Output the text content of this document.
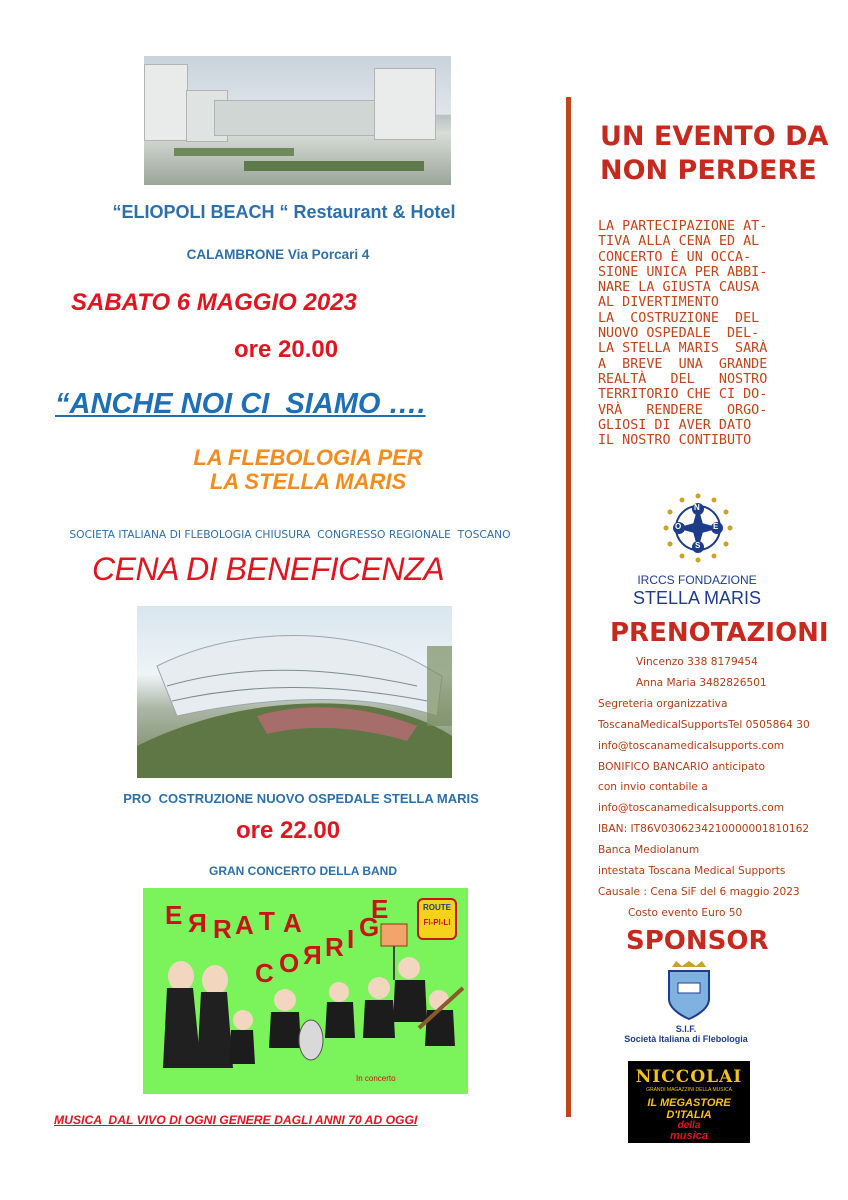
“ELIOPOLI BEACH “ Restaurant & Hotel
CALAMBRONE Via Porcari 4
SABATO 6 MAGGIO 2023
ore 20.00
“ANCHE NOI CI  SIAMO ….
LA FLEBOLOGIA PER
LA STELLA MARIS
SOCIETA ITALIANA DI FLEBOLOGIA CHIUSURA  CONGRESSO REGIONALE  TOSCANO
CENA DI BENEFICENZA
PRO  COSTRUZIONE NUOVO OSPEDALE STELLA MARIS
ore 22.00
GRAN CONCERTO DELLA BAND
E R R A T A
C O R R I G
E	ROUTE
FI-PI-LI
In concerto
MUSICA  DAL VIVO DI OGNI GENERE DAGLI ANNI 70 AD OGGI
UN EVENTO DA
NON PERDERE
LA PARTECIPAZIONE AT-
TIVA ALLA CENA ED AL
CONCERTO È UN OCCA-
SIONE UNICA PER ABBI-
NARE LA GIUSTA CAUSA
AL DIVERTIMENTO
LA  COSTRUZIONE  DEL
NUOVO OSPEDALE  DEL-
LA STELLA MARIS  SARÀ
A  BREVE  UNA  GRANDE
REALTÀ   DEL   NOSTRO
TERRITORIO CHE CI DO-
VRÀ   RENDERE   ORGO-
GLIOSI DI AVER DATO
IL NOSTRO CONTIBUTO
N
E
S
O
IRCCS FONDAZIONE
STELLA MARIS
PRENOTAZIONI
Vincenzo 338 8179454
Anna Maria 3482826501
Segreteria organizzativa
ToscanaMedicalSupportsTel 0505864 30
info@toscanamedicalsupports.com
BONIFICO BANCARIO anticipato
con invio contabile a
info@toscanamedicalsupports.com
IBAN: IT86V0306234210000001810162
Banca Mediolanum
intestata Toscana Medical Supports
Causale : Cena SiF del 6 maggio 2023
Costo evento Euro 50
SPONSOR
S.I.F.
Società Italiana di Flebologia
NICCOLAI
GRANDI MAGAZZINI DELLA MUSICA
IL MEGASTORE
D'ITALIA
della
musica
